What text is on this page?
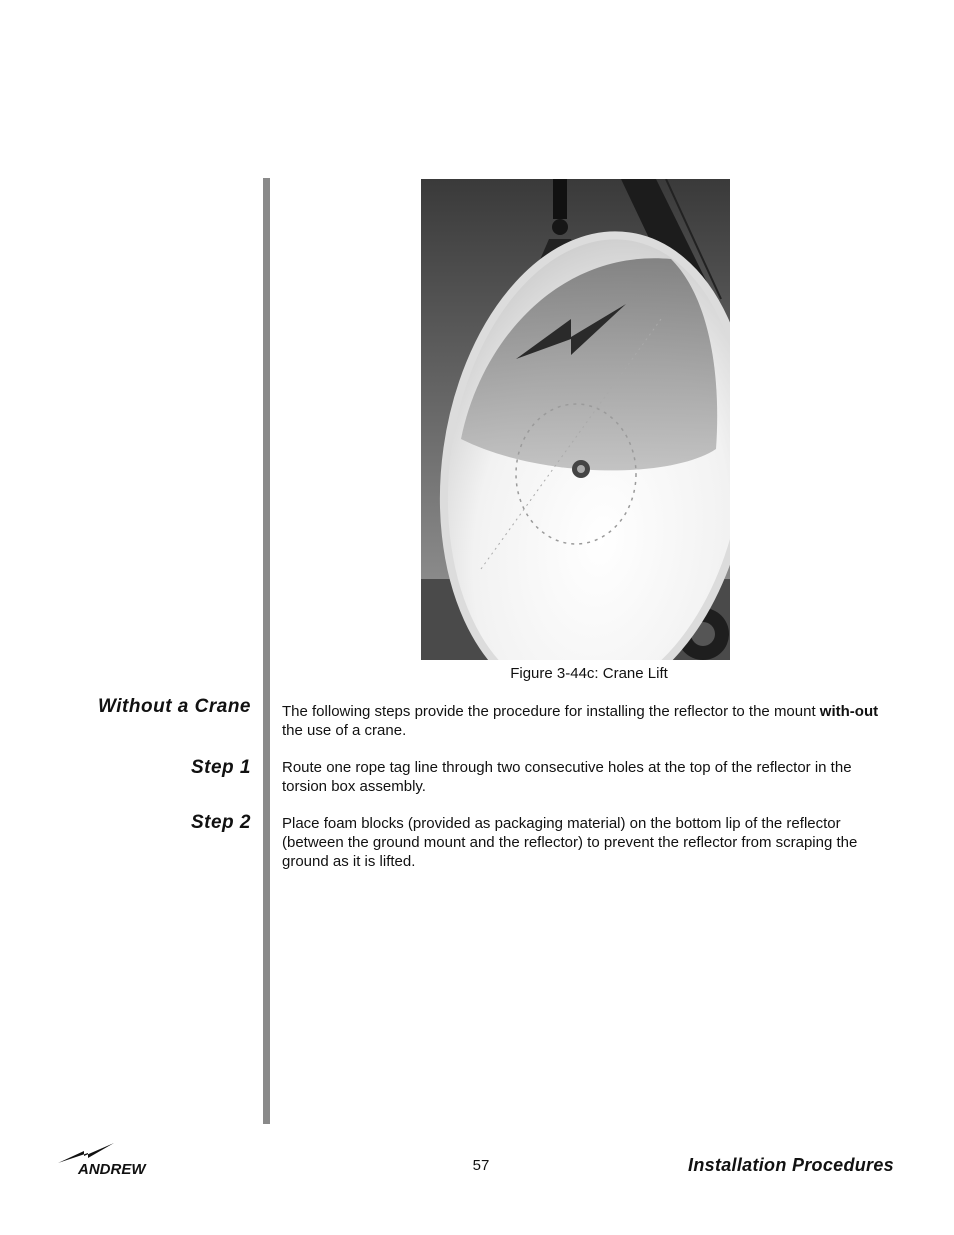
Figure 3-44c: Crane Lift
Without a Crane The following steps provide the procedure for installing the reflector to the mount with-out the use of a crane.
Step 1 Route one rope tag line through two consecutive holes at the top of the reflector in the torsion box assembly.
Step 2 Place foam blocks (provided as packaging material) on the bottom lip of the reflector (between the ground mount and the reflector) to prevent the reflector from scraping the ground as it is lifted.
ANDREW	57	Installation Procedures
